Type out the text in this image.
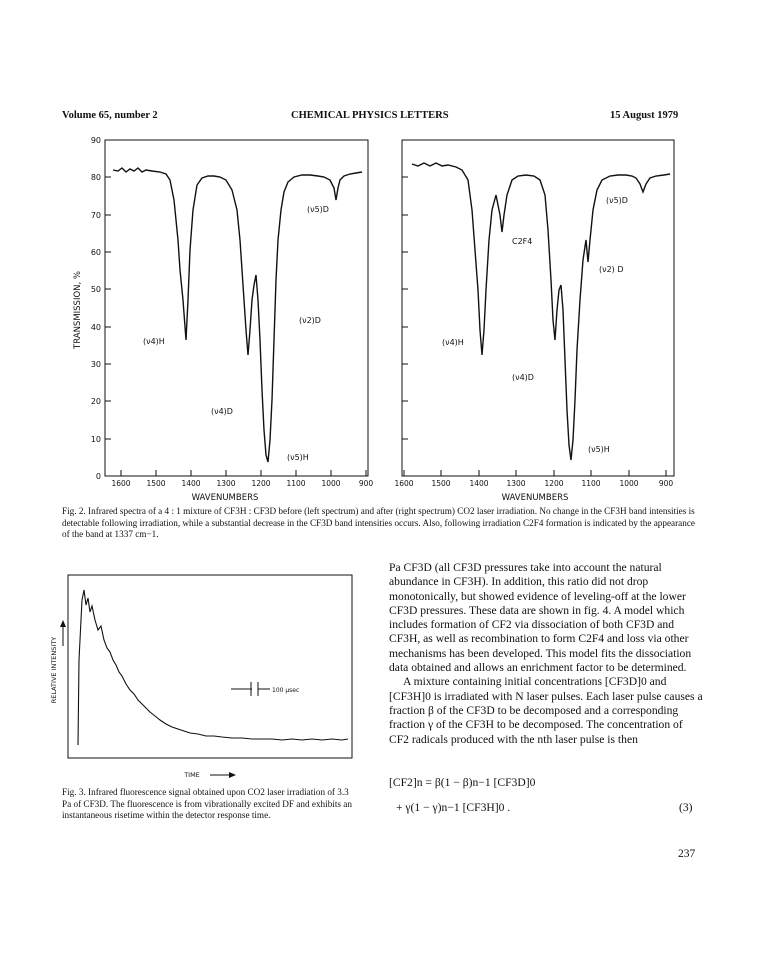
Volume 65, number 2	CHEMICAL PHYSICS LETTERS	15 August 1979
0
10
20
30
40
50
60
70
80
90
TRANSMISSION, %
1600 1500 1400 1300 1200 1100 1000 900	1600 1500	1400 1300	1200 1100	1000	900
WAVENUMBERS	WAVENUMBERS
(ν5)D
(ν2)D
(ν4)H
(ν4)D
(ν5)H
(ν5)D
C2F4
(ν2) D
(ν4)H
(ν4)D
(ν5)H
Fig. 2. Infrared spectra of a 4 : 1 mixture of CF3H : CF3D before (left spectrum) and after (right spectrum) CO2 laser irradiation. No change in the CF3H band intensities is detectable following irradiation, while a substantial decrease in the CF3D band intensities occurs. Also, following irradiation C2F4 formation is indicated by the appearance of the band at 1337 cm−1.
RELATIVE INTENSITY	100 μsec
TIME
Fig. 3. Infrared fluorescence signal obtained upon CO2 laser irradiation of 3.3 Pa of CF3D. The fluorescence is from vibrationally excited DF and exhibits an instantaneous risetime within the detector response time.

Pa CF3D (all CF3D pressures take into account the natural abundance in CF3H). In addition, this ratio did not drop monotonically, but showed evidence of leveling-off at the lower CF3D pressures. These data are shown in fig. 4. A model which includes formation of CF2 via dissociation of both CF3D and CF3H, as well as recombination to form C2F4 and loss via other mechanisms has been developed. This model fits the dissociation data obtained and allows an enrichment factor to be determined.

A mixture containing initial concentrations [CF3D]0 and [CF3H]0 is irradiated with N laser pulses. Each laser pulse causes a fraction β of the CF3D to be decomposed and a corresponding fraction γ of the CF3H to be decomposed. The concentration of CF2 radicals produced with the nth laser pulse is then

[CF2]n = β(1 − β)n−1 [CF3D]0
+ γ(1 − γ)n−1 [CF3H]0 .	(3)
237
